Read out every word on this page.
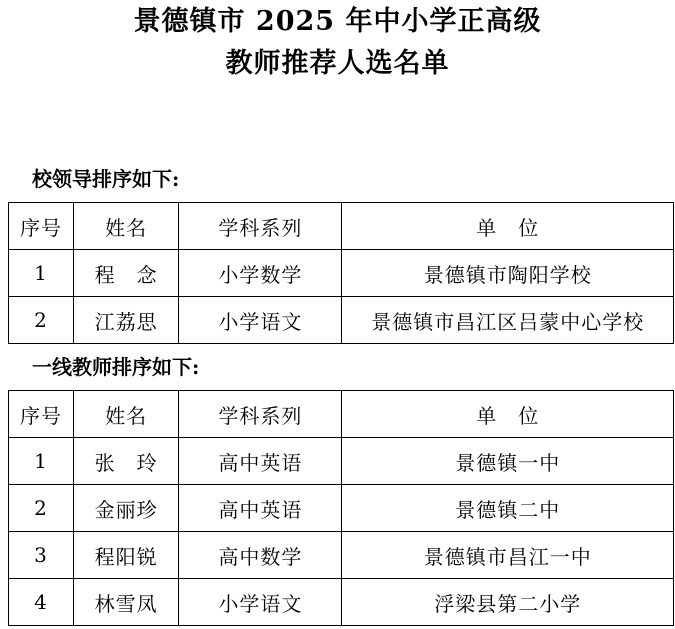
景德镇市 2025 年中小学正高级
教师推荐人选名单
校领导排序如下:
序号	姓名	学科系列	单　位
1	程　念	小学数学	景德镇市陶阳学校
2	江荔思	小学语文	景德镇市昌江区吕蒙中心学校
一线教师排序如下:
序号	姓名	学科系列	单　位
1	张　玲	高中英语	景德镇一中
2	金丽珍	高中英语	景德镇二中
3	程阳锐	高中数学	景德镇市昌江一中
4	林雪凤	小学语文	浮梁县第二小学
